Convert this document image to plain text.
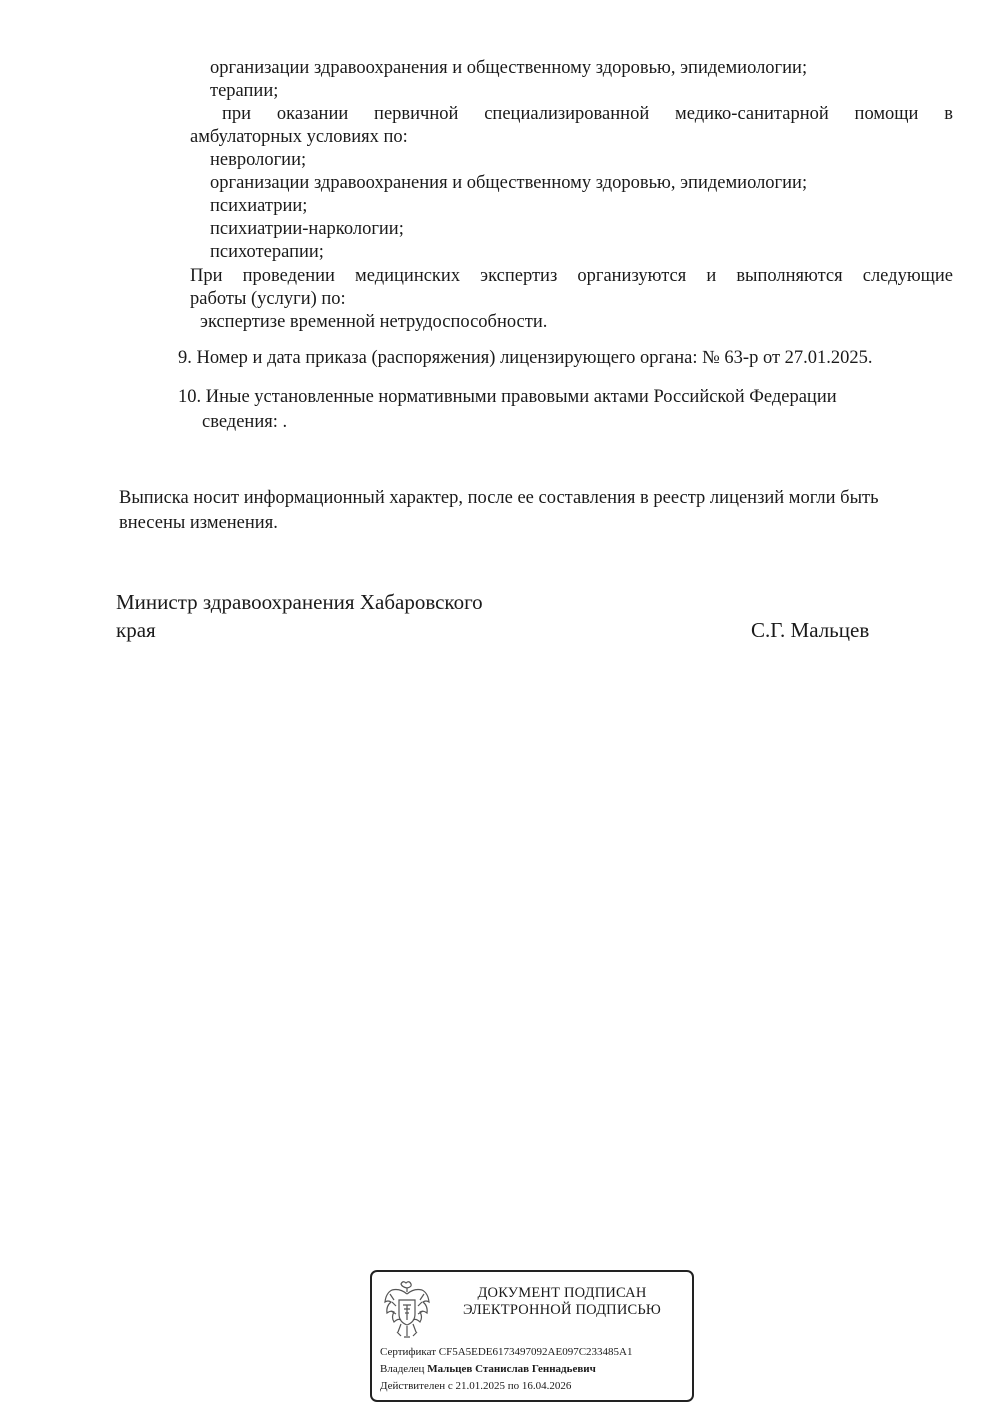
организации здравоохранения и общественному здоровью, эпидемиологии;
терапии;
при оказании первичной специализированной медико-санитарной помощи в
амбулаторных условиях по:
неврологии;
организации здравоохранения и общественному здоровью, эпидемиологии;
психиатрии;
психиатрии-наркологии;
психотерапии;
При проведении медицинских экспертиз организуются и выполняются следующие
работы (услуги) по:
экспертизе временной нетрудоспособности.
9. Номер и дата приказа (распоряжения) лицензирующего органа: № 63-р от 27.01.2025.
10. Иные установленные нормативными правовыми актами Российской Федерации
сведения: .
Выписка носит информационный характер, после ее составления в реестр лицензий могли быть
внесены изменения.
Министр здравоохранения Хабаровского
края	С.Г. Мальцев
ДОКУМЕНТ ПОДПИСАН
ЭЛЕКТРОННОЙ ПОДПИСЬЮ
Сертификат CF5A5EDE6173497092AE097C233485A1
Владелец Мальцев Станислав Геннадьевич
Действителен с 21.01.2025 по 16.04.2026
